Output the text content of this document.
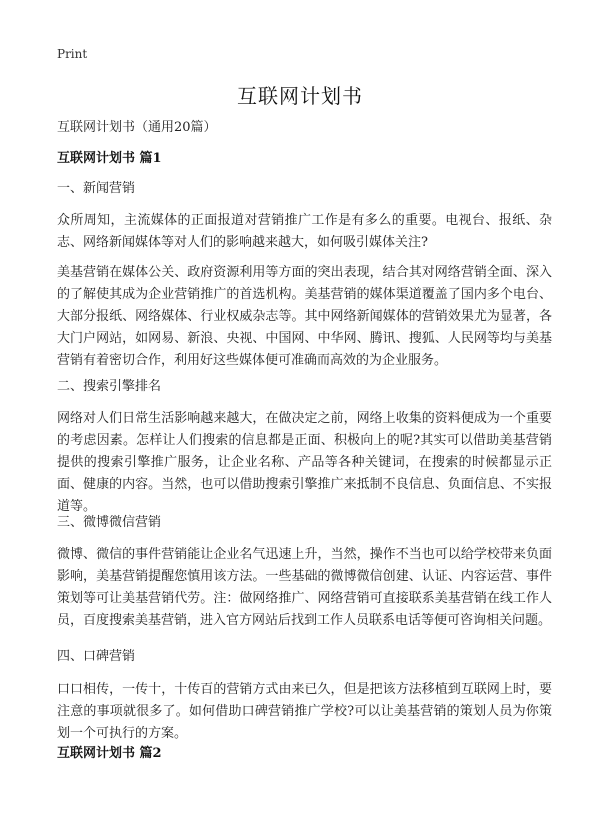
Print
互联网计划书
互联网计划书（通用20篇）
互联网计划书 篇1
一、新闻营销
众所周知，主流媒体的正面报道对营销推广工作是有多么的重要。电视台、报纸、杂志、网络新闻媒体等对人们的影响越来越大，如何吸引媒体关注?
美基营销在媒体公关、政府资源利用等方面的突出表现，结合其对网络营销全面、深入的了解使其成为企业营销推广的首选机构。美基营销的媒体渠道覆盖了国内多个电台、大部分报纸、网络媒体、行业权威杂志等。其中网络新闻媒体的营销效果尤为显著，各大门户网站，如网易、新浪、央视、中国网、中华网、腾讯、搜狐、人民网等均与美基营销有着密切合作，利用好这些媒体便可准确而高效的为企业服务。
二、搜索引擎排名
网络对人们日常生活影响越来越大，在做决定之前，网络上收集的资料便成为一个重要的考虑因素。怎样让人们搜索的信息都是正面、积极向上的呢?其实可以借助美基营销提供的搜索引擎推广服务，让企业名称、产品等各种关键词，在搜索的时候都显示正面、健康的内容。当然，也可以借助搜索引擎推广来抵制不良信息、负面信息、不实报道等。
三、微博微信营销
微博、微信的事件营销能让企业名气迅速上升，当然，操作不当也可以给学校带来负面影响，美基营销提醒您慎用该方法。一些基础的微博微信创建、认证、内容运营、事件策划等可让美基营销代劳。注：做网络推广、网络营销可直接联系美基营销在线工作人员，百度搜索美基营销，进入官方网站后找到工作人员联系电话等便可咨询相关问题。
四、口碑营销
口口相传，一传十，十传百的营销方式由来已久，但是把该方法移植到互联网上时，要注意的事项就很多了。如何借助口碑营销推广学校?可以让美基营销的策划人员为你策划一个可执行的方案。
互联网计划书 篇2
